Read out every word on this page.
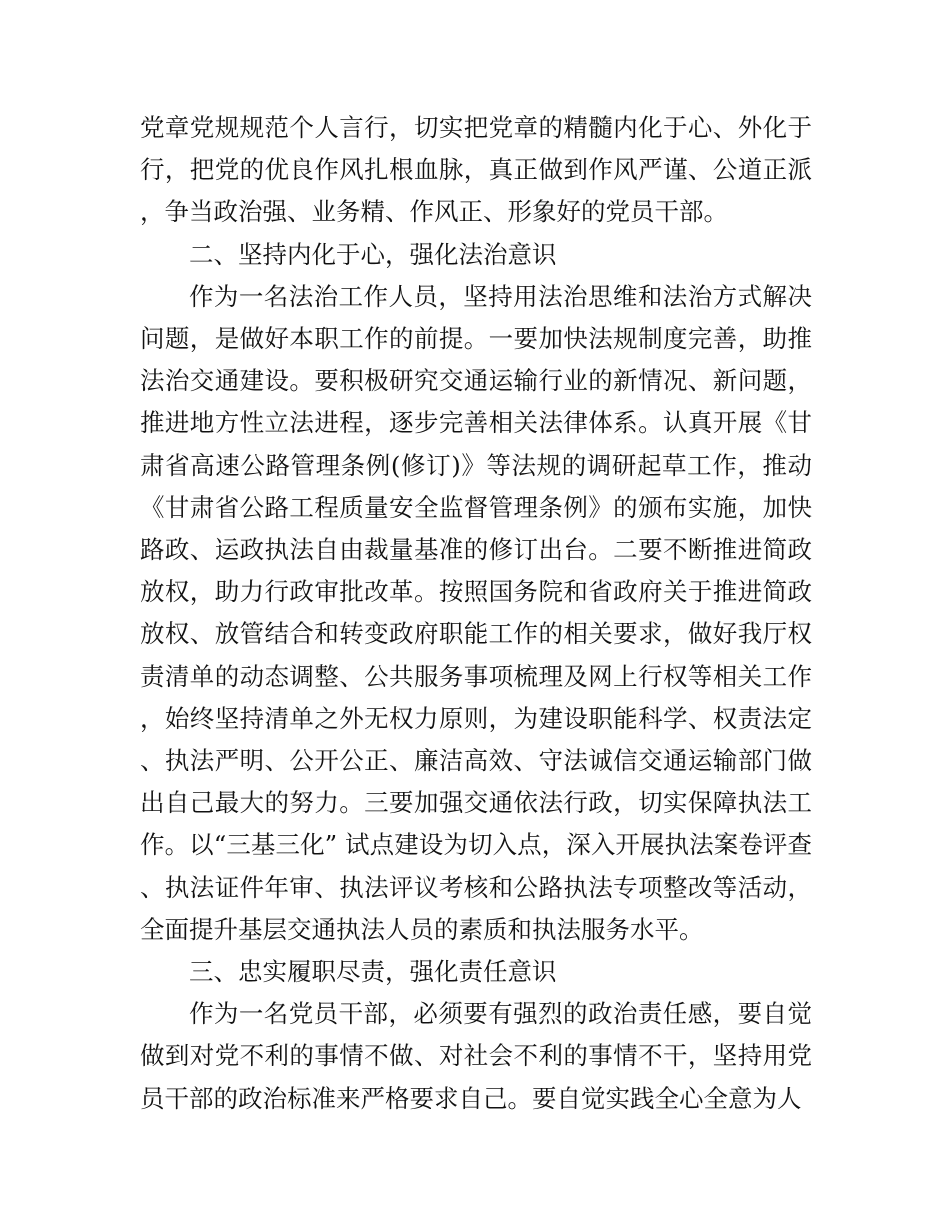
党章党规规范个人言行，切实把党章的精髓内化于心、外化于行，把党的优良作风扎根血脉，真正做到作风严谨、公道正派，争当政治强、业务精、作风正、形象好的党员干部。

二、坚持内化于心，强化法治意识

作为一名法治工作人员，坚持用法治思维和法治方式解决问题，是做好本职工作的前提。一要加快法规制度完善，助推法治交通建设。要积极研究交通运输行业的新情况、新问题，推进地方性立法进程，逐步完善相关法律体系。认真开展《甘肃省高速公路管理条例(修订)》等法规的调研起草工作，推动《甘肃省公路工程质量安全监督管理条例》的颁布实施，加快路政、运政执法自由裁量基准的修订出台。二要不断推进简政放权，助力行政审批改革。按照国务院和省政府关于推进简政放权、放管结合和转变政府职能工作的相关要求，做好我厅权责清单的动态调整、公共服务事项梳理及网上行权等相关工作，始终坚持清单之外无权力原则，为建设职能科学、权责法定、执法严明、公开公正、廉洁高效、守法诚信交通运输部门做出自己最大的努力。三要加强交通依法行政，切实保障执法工作。以“三基三化” 试点建设为切入点，深入开展执法案卷评查、执法证件年审、执法评议考核和公路执法专项整改等活动，全面提升基层交通执法人员的素质和执法服务水平。

三、忠实履职尽责，强化责任意识

作为一名党员干部，必须要有强烈的政治责任感，要自觉做到对党不利的事情不做、对社会不利的事情不干，坚持用党员干部的政治标准来严格要求自己。要自觉实践全心全意为人
